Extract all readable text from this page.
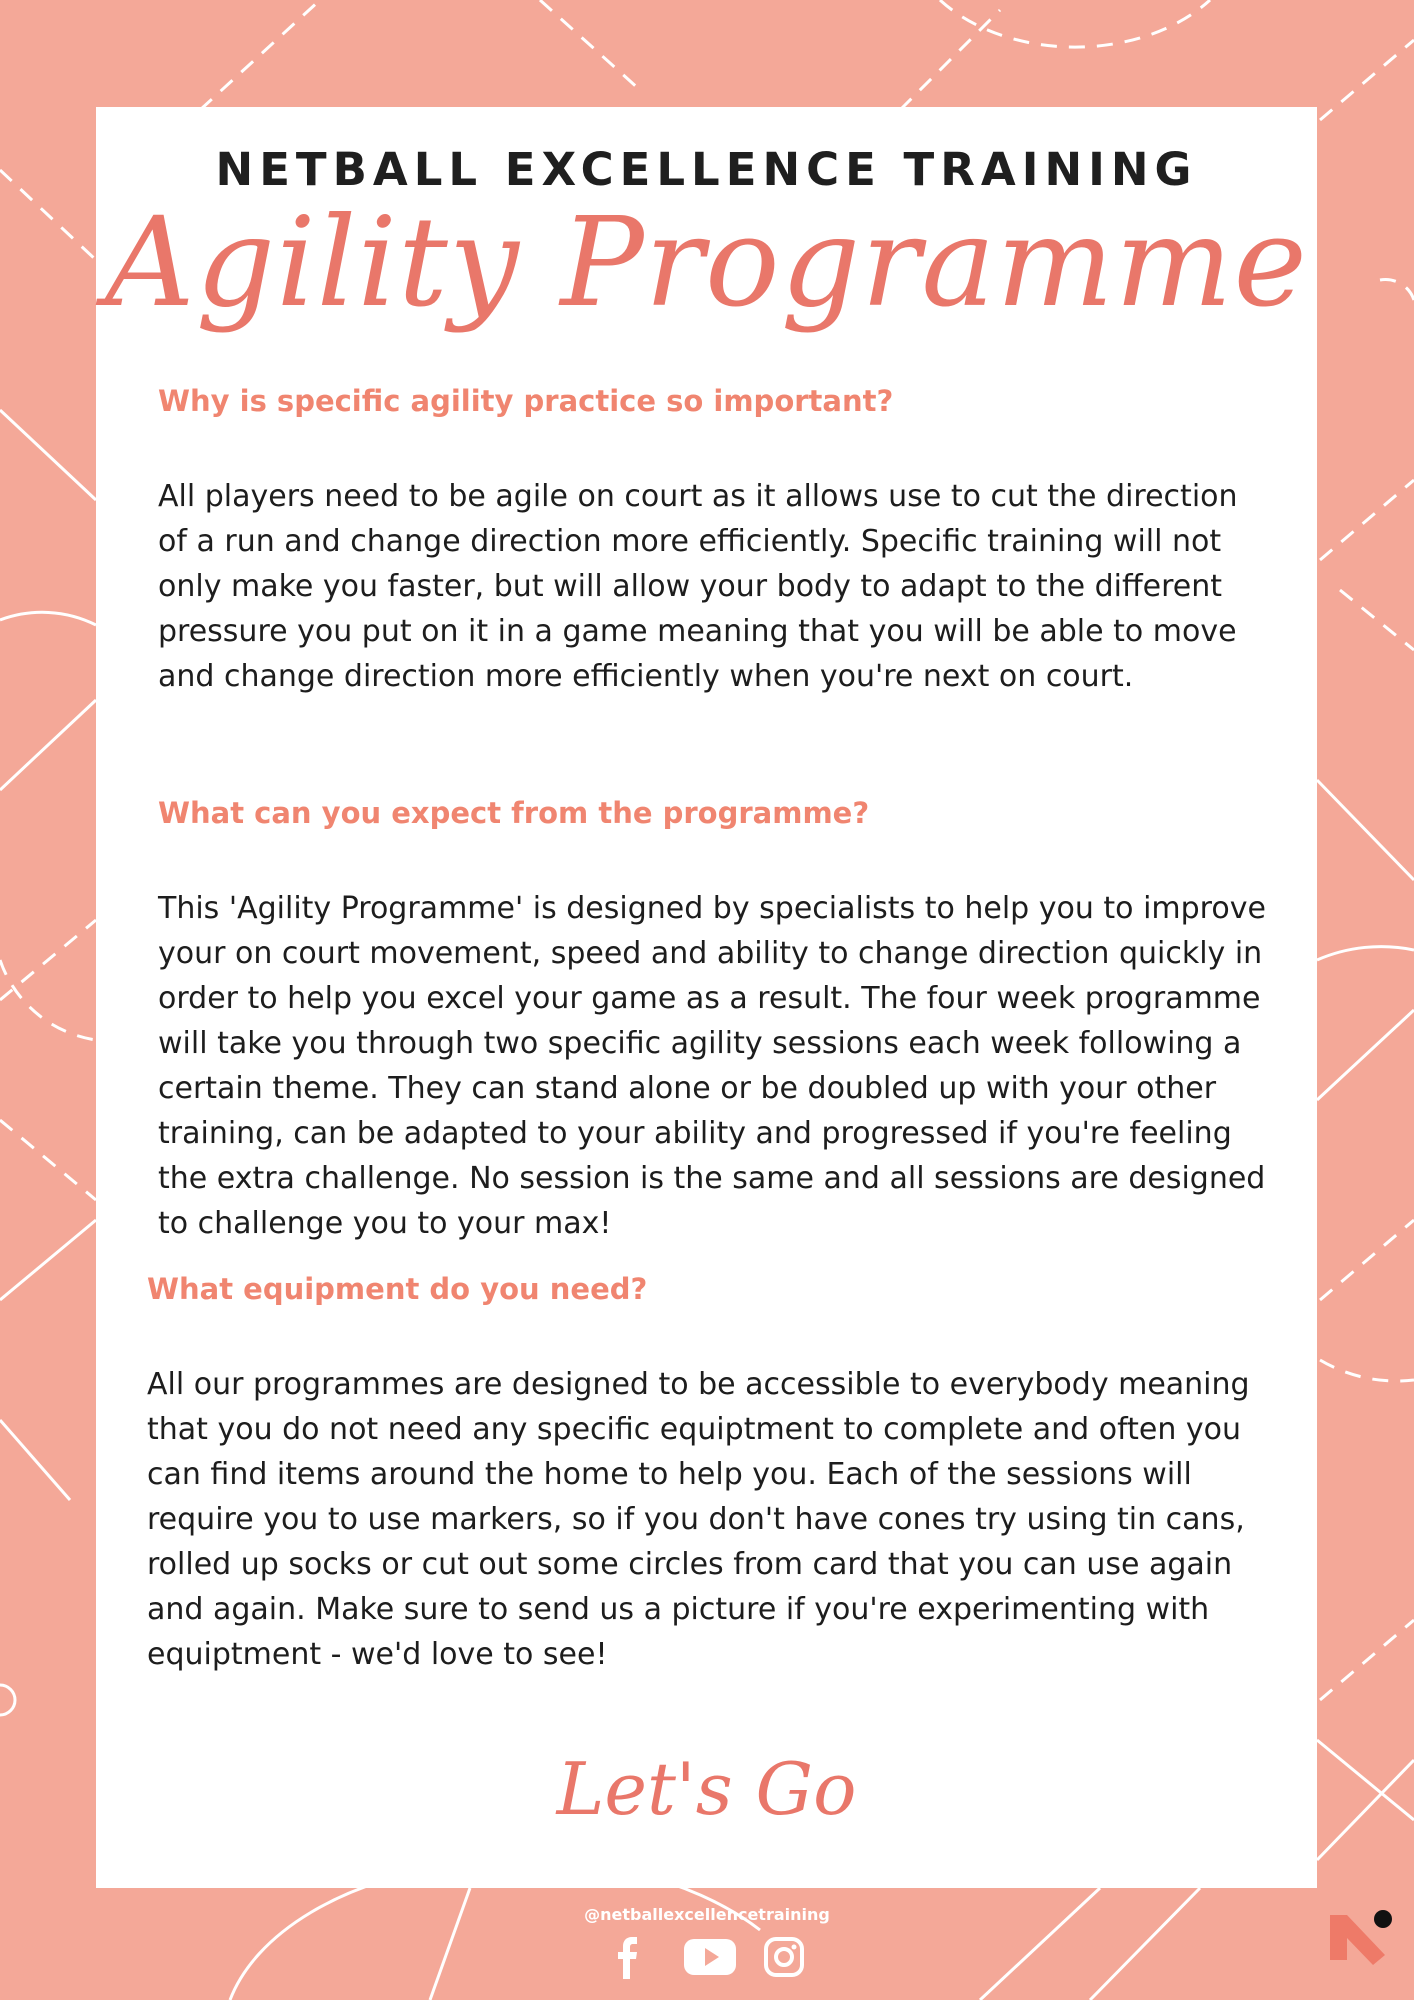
NETBALL EXCELLENCE TRAINING
Agility Programme
Why is specific agility practice so important?

All players need to be agile on court as it allows use to cut the direction of a run and change direction more efficiently. Specific training will not only make you faster, but will allow your body to adapt to the different pressure you put on it in a game meaning that you will be able to move and change direction more efficiently when you're next on court.

What can you expect from the programme?

This 'Agility Programme' is designed by specialists to help you to improve your on court movement, speed and ability to change direction quickly in order to help you excel your game as a result. The four week programme will take you through two specific agility sessions each week following a certain theme. They can stand alone or be doubled up with your other training, can be adapted to your ability and progressed if you're feeling the extra challenge. No session is the same and all sessions are designed to challenge you to your max!

What equipment do you need?

All our programmes are designed to be accessible to everybody meaning that you do not need any specific equiptment to complete and often you can find items around the home to help you. Each of the sessions will require you to use markers, so if you don't have cones try using tin cans, rolled up socks or cut out some circles from card that you can use again and again. Make sure to send us a picture if you're experimenting with equiptment - we'd love to see!

Let's Go
@netballexcellencetraining
